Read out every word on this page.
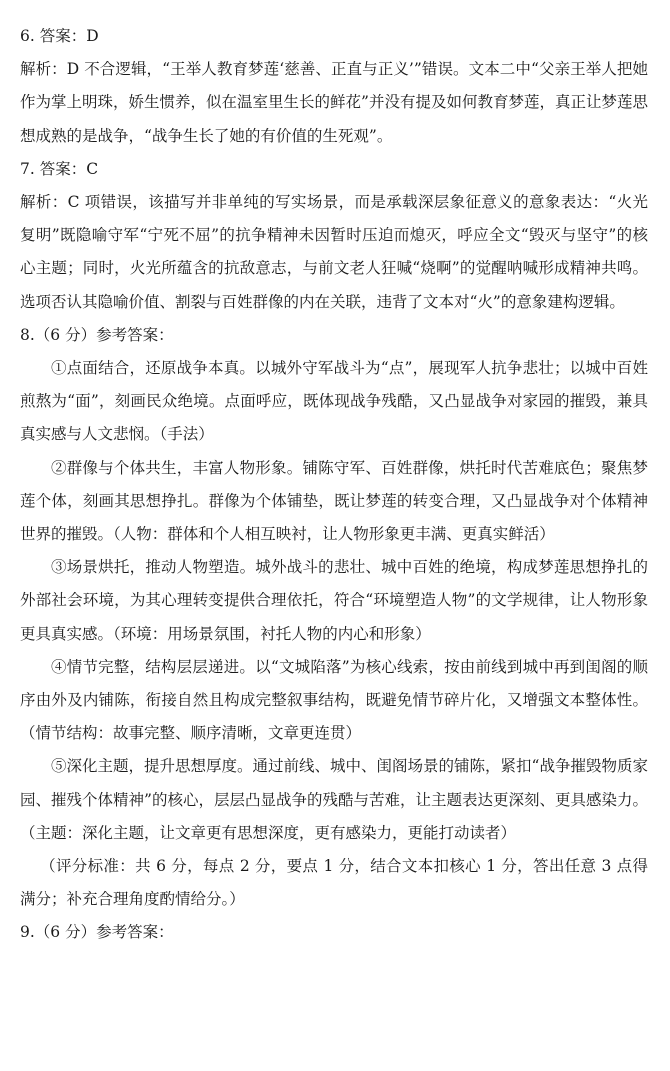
6. 答案：D

解析：D 不合逻辑，“王举人教育梦莲‘慈善、正直与正义’”错误。文本二中“父亲王举人把她作为掌上明珠，娇生惯养，似在温室里生长的鲜花”并没有提及如何教育梦莲，真正让梦莲思想成熟的是战争，“战争生长了她的有价值的生死观”。

7. 答案：C

解析：C 项错误，该描写并非单纯的写实场景，而是承载深层象征意义的意象表达：“火光复明”既隐喻守军“宁死不屈”的抗争精神未因暂时压迫而熄灭，呼应全文“毁灭与坚守”的核心主题；同时，火光所蕴含的抗敌意志，与前文老人狂喊“烧啊”的觉醒呐喊形成精神共鸣。选项否认其隐喻价值、割裂与百姓群像的内在关联，违背了文本对“火”的意象建构逻辑。

8.（6 分）参考答案：

①点面结合，还原战争本真。以城外守军战斗为“点”，展现军人抗争悲壮；以城中百姓煎熬为“面”，刻画民众绝境。点面呼应，既体现战争残酷，又凸显战争对家园的摧毁，兼具真实感与人文悲悯。（手法）

②群像与个体共生，丰富人物形象。铺陈守军、百姓群像，烘托时代苦难底色；聚焦梦莲个体，刻画其思想挣扎。群像为个体铺垫，既让梦莲的转变合理，又凸显战争对个体精神世界的摧毁。（人物：群体和个人相互映衬，让人物形象更丰满、更真实鲜活）

③场景烘托，推动人物塑造。城外战斗的悲壮、城中百姓的绝境，构成梦莲思想挣扎的外部社会环境，为其心理转变提供合理依托，符合“环境塑造人物”的文学规律，让人物形象更具真实感。（环境：用场景氛围，衬托人物的内心和形象）

④情节完整，结构层层递进。以“文城陷落”为核心线索，按由前线到城中再到闺阁的顺序由外及内铺陈，衔接自然且构成完整叙事结构，既避免情节碎片化，又增强文本整体性。（情节结构：故事完整、顺序清晰，文章更连贯）

⑤深化主题，提升思想厚度。通过前线、城中、闺阁场景的铺陈，紧扣“战争摧毁物质家园、摧残个体精神”的核心，层层凸显战争的残酷与苦难，让主题表达更深刻、更具感染力。（主题：深化主题，让文章更有思想深度，更有感染力，更能打动读者）

（评分标准：共 6 分，每点 2 分，要点 1 分，结合文本扣核心 1 分，答出任意 3 点得满分；补充合理角度酌情给分。）

9.（6 分）参考答案：
